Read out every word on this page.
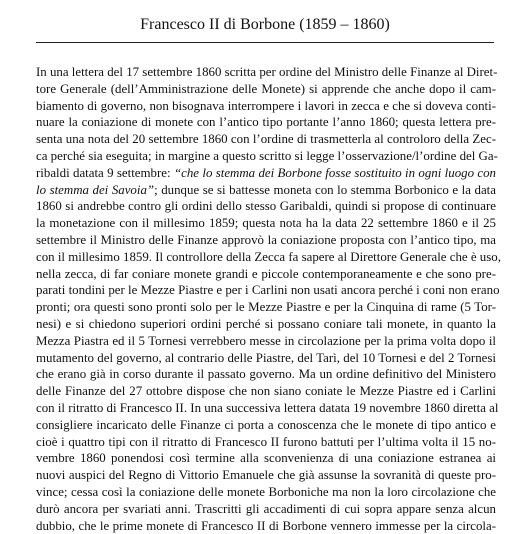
Francesco II di Borbone (1859 – 1860)
In una lettera del 17 settembre 1860 scritta per ordine del Ministro delle Finanze al Diret-
tore Generale (dell’Amministrazione delle Monete) si apprende che anche dopo il cam-
biamento di governo, non bisognava interrompere i lavori in zecca e che si doveva conti-
nuare la coniazione di monete con l’antico tipo portante l’anno 1860; questa lettera pre-
senta una nota del 20 settembre 1860 con l’ordine di trasmetterla al controloro della Zec-
ca perché sia eseguita; in margine a questo scritto si legge l’osservazione/l’ordine del Ga-
ribaldi datata 9 settembre: “che lo stemma dei Borbone fosse sostituito in ogni luogo con
lo stemma dei Savoia”; dunque se si battesse moneta con lo stemma Borbonico e la data
1860 si andrebbe contro gli ordini dello stesso Garibaldi, quindi si propose di continuare
la monetazione con il millesimo 1859; questa nota ha la data 22 settembre 1860 e il 25
settembre il Ministro delle Finanze approvò la coniazione proposta con l’antico tipo, ma
con il millesimo 1859. Il controllore della Zecca fa sapere al Direttore Generale che è uso,
nella zecca, di far coniare monete grandi e piccole contemporaneamente e che sono pre-
parati tondini per le Mezze Piastre e per i Carlini non usati ancora perché i coni non erano
pronti; ora questi sono pronti solo per le Mezze Piastre e per la Cinquina di rame (5 Tor-
nesi) e si chiedono superiori ordini perché si possano coniare tali monete, in quanto la
Mezza Piastra ed il 5 Tornesi verrebbero messe in circolazione per la prima volta dopo il
mutamento del governo, al contrario delle Piastre, del Tarì, del 10 Tornesi e del 2 Tornesi
che erano già in corso durante il passato governo. Ma un ordine definitivo del Ministero
delle Finanze del 27 ottobre dispose che non siano coniate le Mezze Piastre ed i Carlini
con il ritratto di Francesco II. In una successiva lettera datata 19 novembre 1860 diretta al
consigliere incaricato delle Finanze ci porta a conoscenza che le monete di tipo antico e
cioè i quattro tipi con il ritratto di Francesco II furono battuti per l’ultima volta il 15 no-
vembre 1860 ponendosi così termine alla sconvenienza di una coniazione estranea ai
nuovi auspici del Regno di Vittorio Emanuele che già assunse la sovranità di queste pro-
vince; cessa così la coniazione delle monete Borboniche ma non la loro circolazione che
durò ancora per svariati anni. Trascritti gli accadimenti di cui sopra appare senza alcun
dubbio, che le prime monete di Francesco II di Borbone vennero immesse per la circola-
